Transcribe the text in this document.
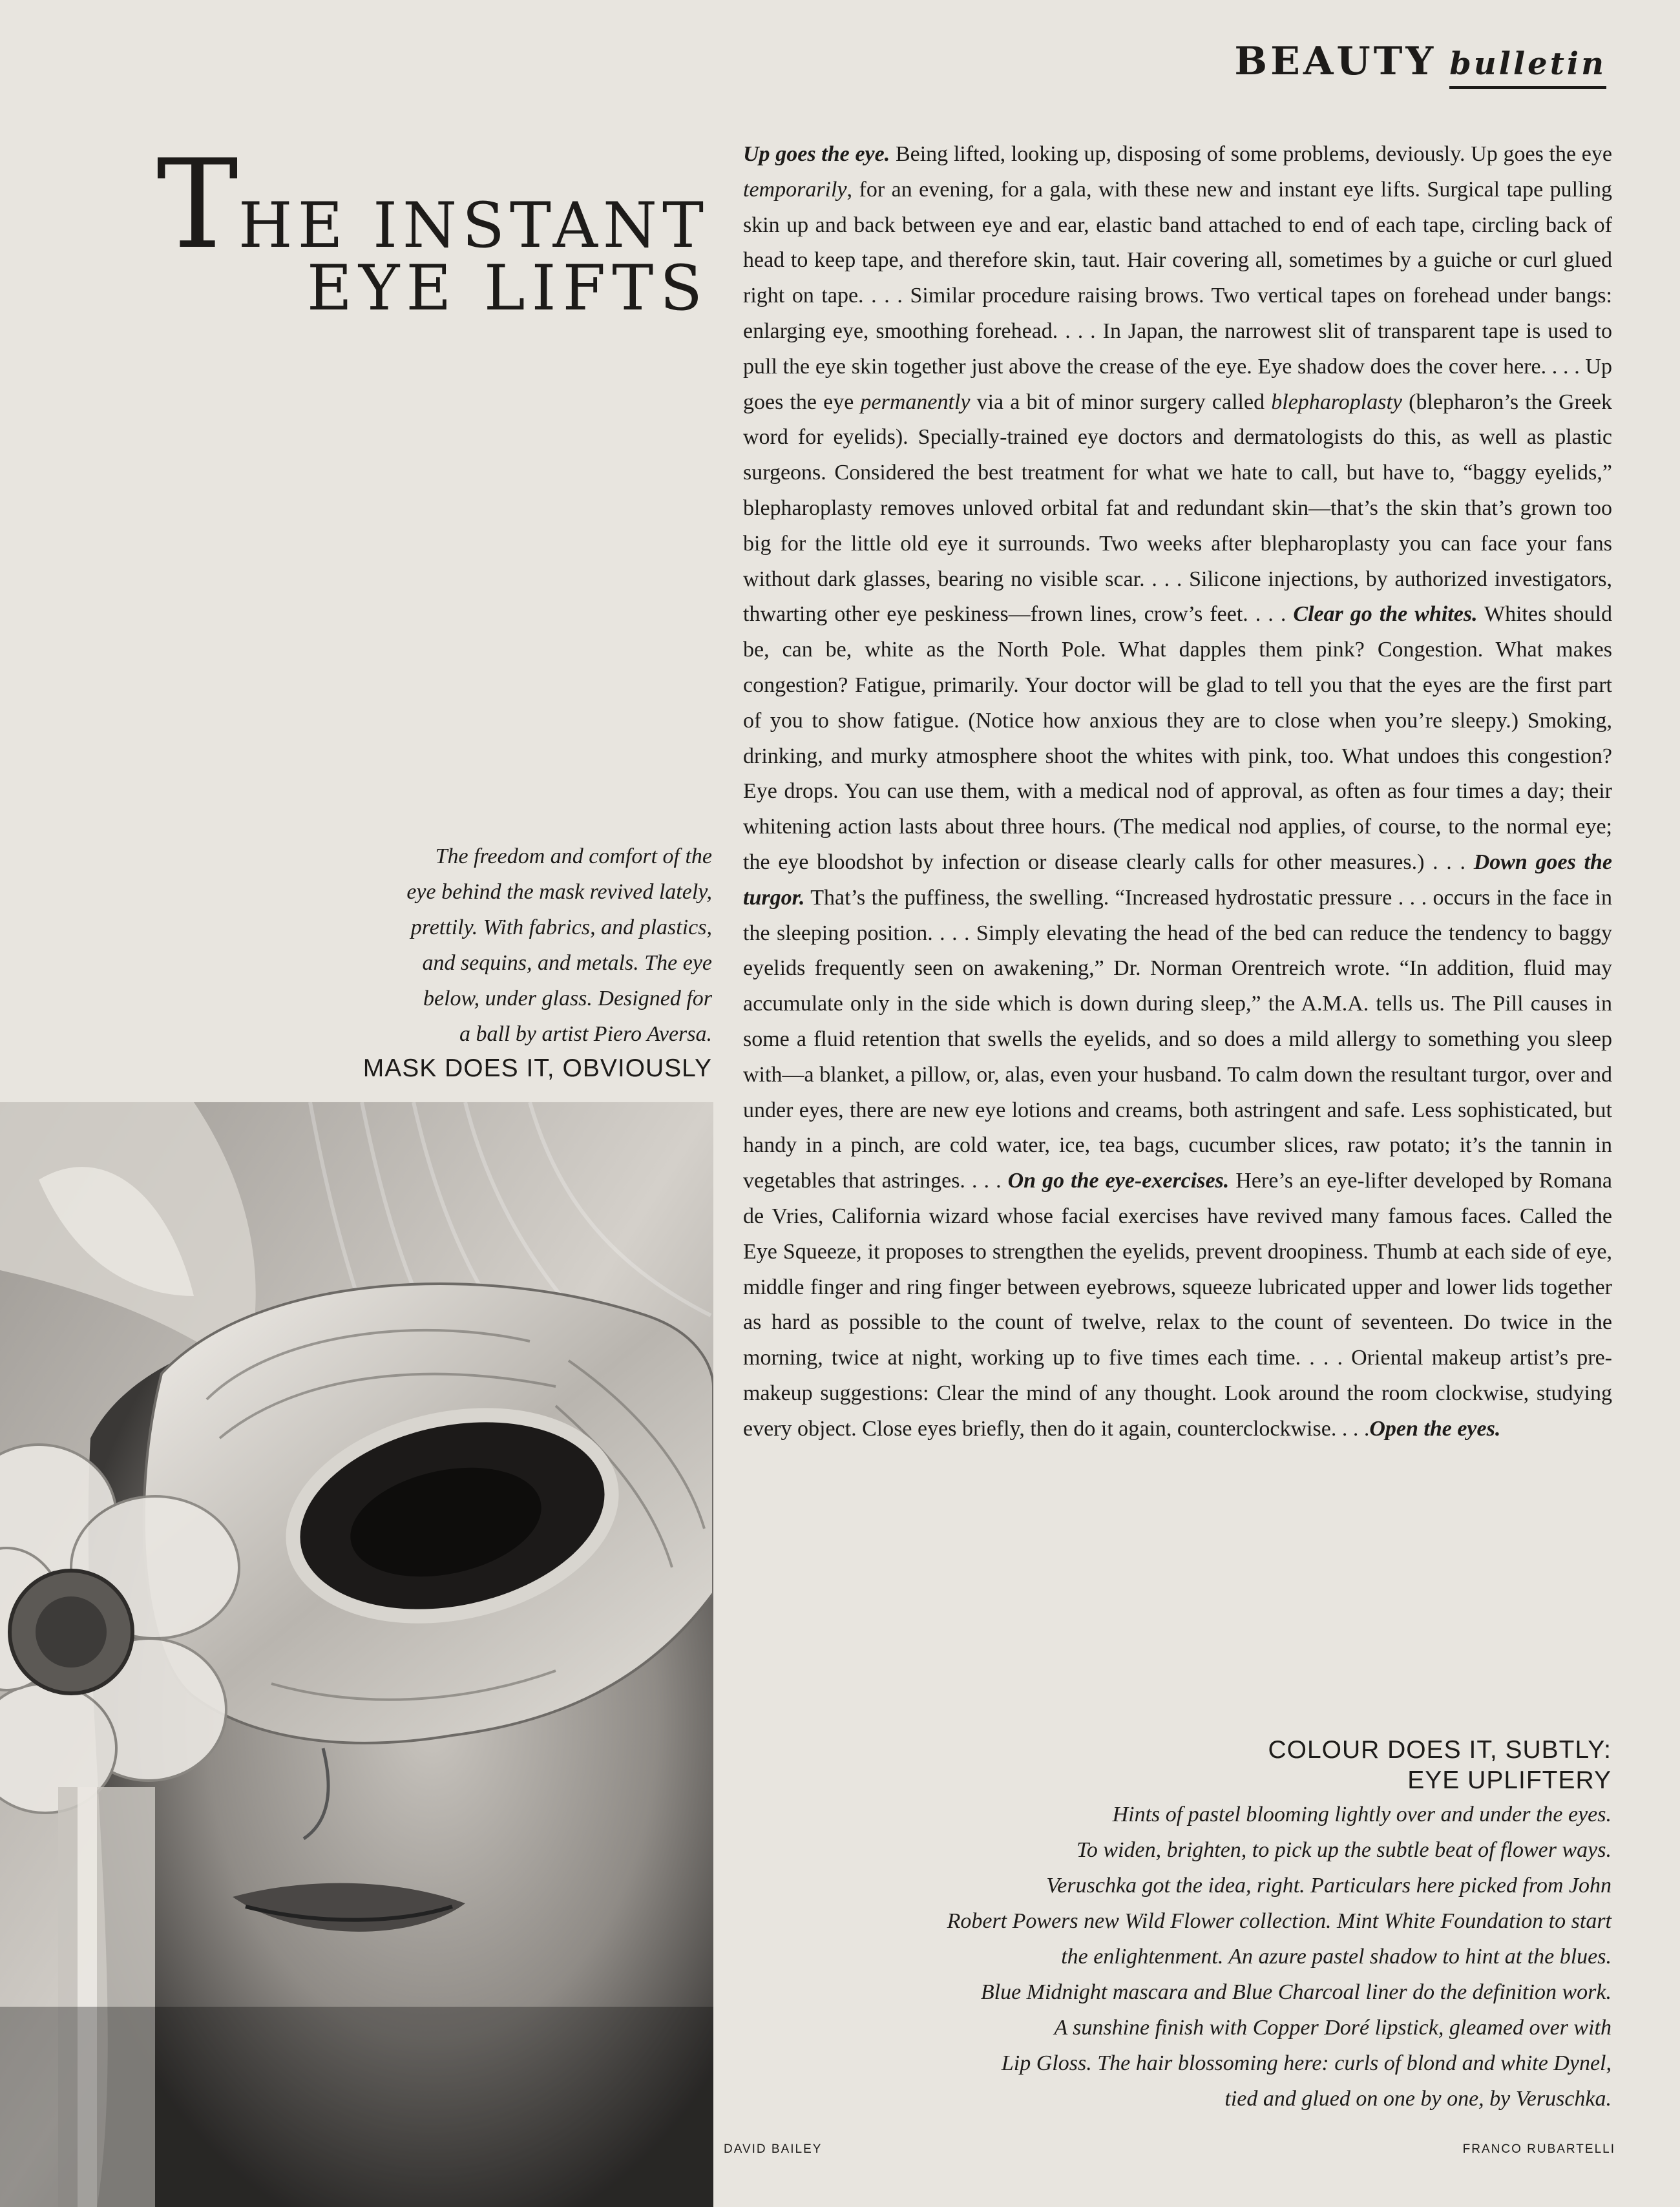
BEAUTY bulletin
THE INSTANT
EYE LIFTS
The freedom and comfort of the
eye behind the mask revived lately,
prettily. With fabrics, and plastics,
and sequins, and metals. The eye
below, under glass. Designed for
a ball by artist Piero Aversa.
MASK DOES IT, OBVIOUSLY

Up goes the eye. Being lifted, looking up, disposing of some problems, deviously. Up goes the eye temporarily, for an evening, for a gala, with these new and instant eye lifts. Surgical tape pulling skin up and back between eye and ear, elastic band attached to end of each tape, circling back of head to keep tape, and therefore skin, taut. Hair covering all, sometimes by a guiche or curl glued right on tape. . . . Similar procedure raising brows. Two vertical tapes on forehead under bangs: enlarging eye, smoothing forehead. . . . In Japan, the narrowest slit of transparent tape is used to pull the eye skin together just above the crease of the eye. Eye shadow does the cover here. . . . Up goes the eye permanently via a bit of minor surgery called blepharoplasty (blepharon’s the Greek word for eyelids). Specially-trained eye doctors and dermatologists do this, as well as plastic surgeons. Considered the best treatment for what we hate to call, but have to, “baggy eyelids,” blepharoplasty removes unloved orbital fat and redundant skin—that’s the skin that’s grown too big for the little old eye it surrounds. Two weeks after blepharoplasty you can face your fans without dark glasses, bearing no visible scar. . . . Silicone injections, by authorized investigators, thwarting other eye peskiness—frown lines, crow’s feet. . . . Clear go the whites. Whites should be, can be, white as the North Pole. What dapples them pink? Congestion. What makes congestion? Fatigue, primarily. Your doctor will be glad to tell you that the eyes are the first part of you to show fatigue. (Notice how anxious they are to close when you’re sleepy.) Smoking, drinking, and murky atmosphere shoot the whites with pink, too. What undoes this congestion? Eye drops. You can use them, with a medical nod of approval, as often as four times a day; their whitening action lasts about three hours. (The medical nod applies, of course, to the normal eye; the eye bloodshot by infection or disease clearly calls for other measures.) . . . Down goes the turgor. That’s the puffiness, the swelling. “Increased hydrostatic pressure . . . occurs in the face in the sleeping position. . . . Simply elevating the head of the bed can reduce the tendency to baggy eyelids frequently seen on awakening,” Dr. Norman Orentreich wrote. “In addition, fluid may accumulate only in the side which is down during sleep,” the A.M.A. tells us. The Pill causes in some a fluid retention that swells the eyelids, and so does a mild allergy to something you sleep with—a blanket, a pillow, or, alas, even your husband. To calm down the resultant turgor, over and under eyes, there are new eye lotions and creams, both astringent and safe. Less sophisticated, but handy in a pinch, are cold water, ice, tea bags, cucumber slices, raw potato; it’s the tannin in vegetables that astringes. . . . On go the eye-exercises. Here’s an eye-lifter developed by Romana de Vries, California wizard whose facial exercises have revived many famous faces. Called the Eye Squeeze, it proposes to strengthen the eyelids, prevent droopiness. Thumb at each side of eye, middle finger and ring finger between eyebrows, squeeze lubricated upper and lower lids together as hard as possible to the count of twelve, relax to the count of seventeen. Do twice in the morning, twice at night, working up to five times each time. . . . Oriental makeup artist’s pre-makeup suggestions: Clear the mind of any thought. Look around the room clockwise, studying every object. Close eyes briefly, then do it again, counterclockwise. . . .Open the eyes.

COLOUR DOES IT, SUBTLY:
EYE UPLIFTERY
Hints of pastel blooming lightly over and under the eyes.
To widen, brighten, to pick up the subtle beat of flower ways.
Veruschka got the idea, right. Particulars here picked from John
Robert Powers new Wild Flower collection. Mint White Foundation to start
the enlightenment. An azure pastel shadow to hint at the blues.
Blue Midnight mascara and Blue Charcoal liner do the definition work.
A sunshine finish with Copper Doré lipstick, gleamed over with
Lip Gloss. The hair blossoming here: curls of blond and white Dynel,
tied and glued on one by one, by Veruschka.
DAVID BAILEY	FRANCO RUBARTELLI
